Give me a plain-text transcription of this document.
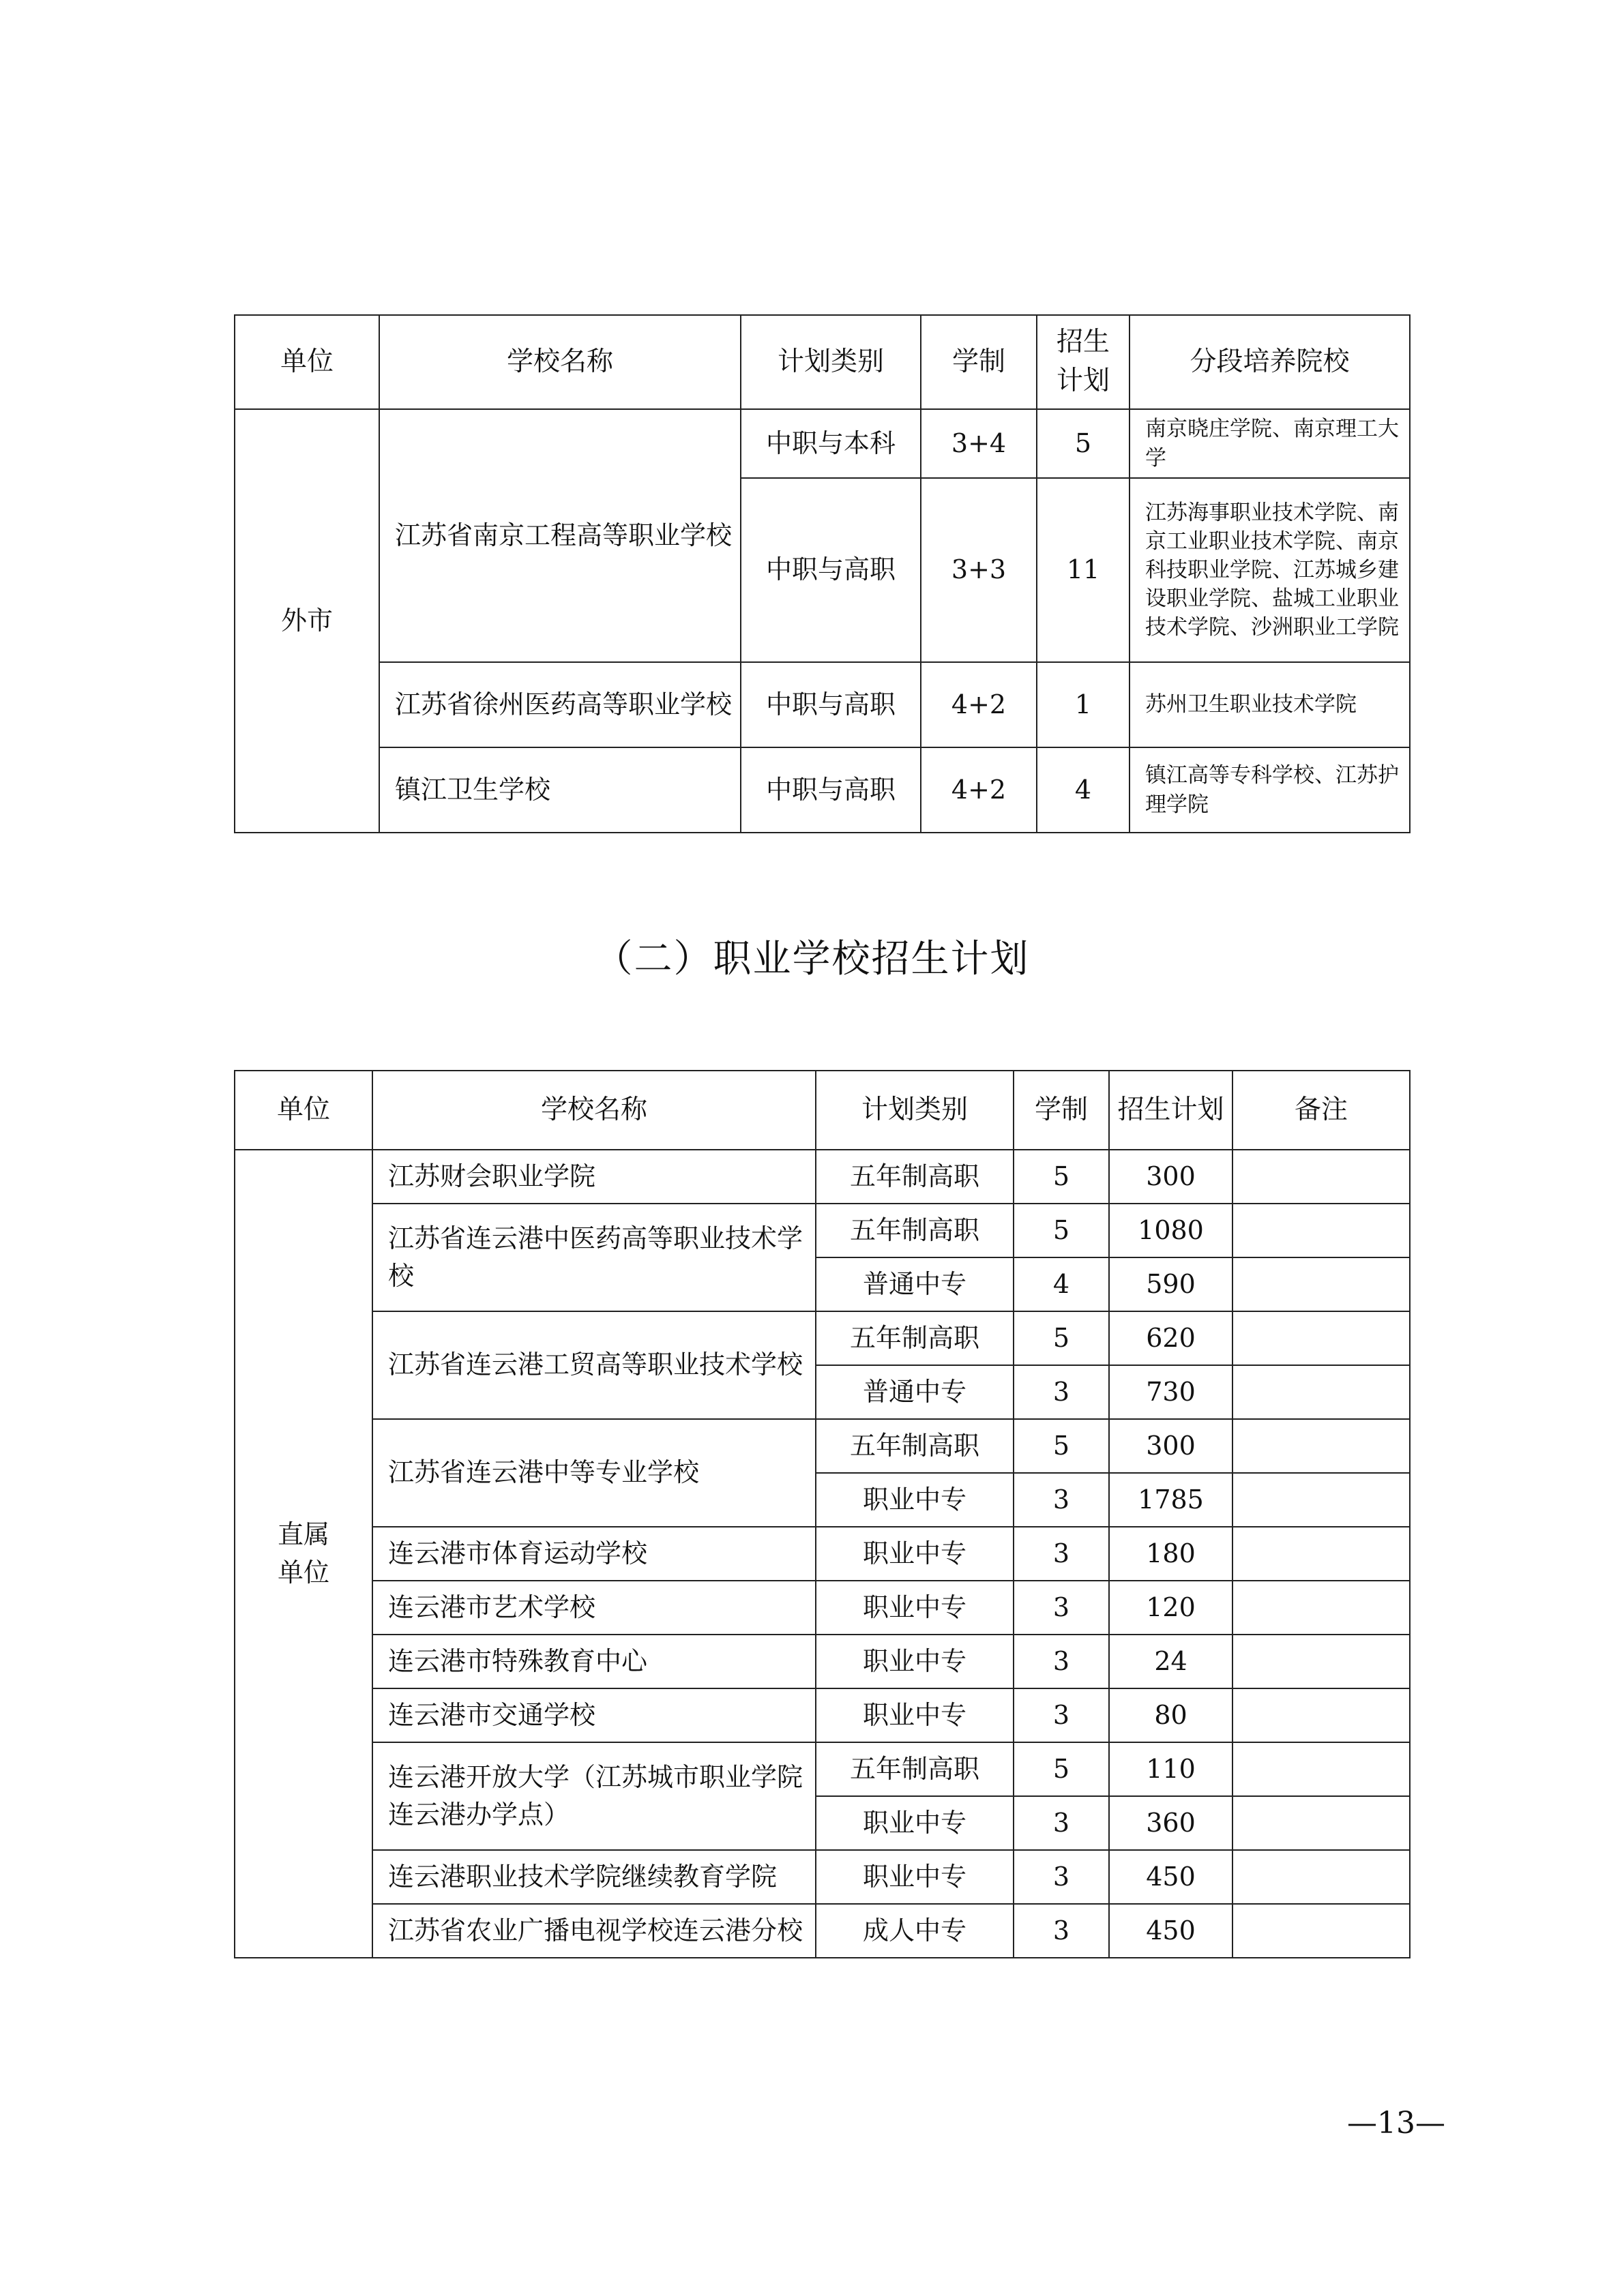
单位	学校名称	计划类别	学制	招生计划	分段培养院校
外市	江苏省南京工程高等职业学校	中职与本科	3+4	5	南京晓庄学院、南京理工大学
		中职与高职	3+3	11	江苏海事职业技术学院、南京工业职业技术学院、南京科技职业学院、江苏城乡建设职业学院、盐城工业职业技术学院、沙洲职业工学院
	江苏省徐州医药高等职业学校	中职与高职	4+2	1	苏州卫生职业技术学院
	镇江卫生学校	中职与高职	4+2	4	镇江高等专科学校、江苏护理学院
（二）职业学校招生计划
单位	学校名称	计划类别	学制	招生计划	备注

直属单位	江苏财会职业学院	五年制高职	5	300	
	江苏省连云港中医药高等职业技术学校	五年制高职	5	1080	
		普通中专	4	590	
	江苏省连云港工贸高等职业技术学校	五年制高职	5	620	
		普通中专	3	730	
	江苏省连云港中等专业学校	五年制高职	5	300	
		职业中专	3	1785	
	连云港市体育运动学校	职业中专	3	180	
	连云港市艺术学校	职业中专	3	120	
	连云港市特殊教育中心	职业中专	3	24	
	连云港市交通学校	职业中专	3	80	
	连云港开放大学（江苏城市职业学院连云港办学点）	五年制高职	5	110	
		职业中专	3	360	
	连云港职业技术学院继续教育学院	职业中专	3	450	
	江苏省农业广播电视学校连云港分校	成人中专	3	450	
—13—
